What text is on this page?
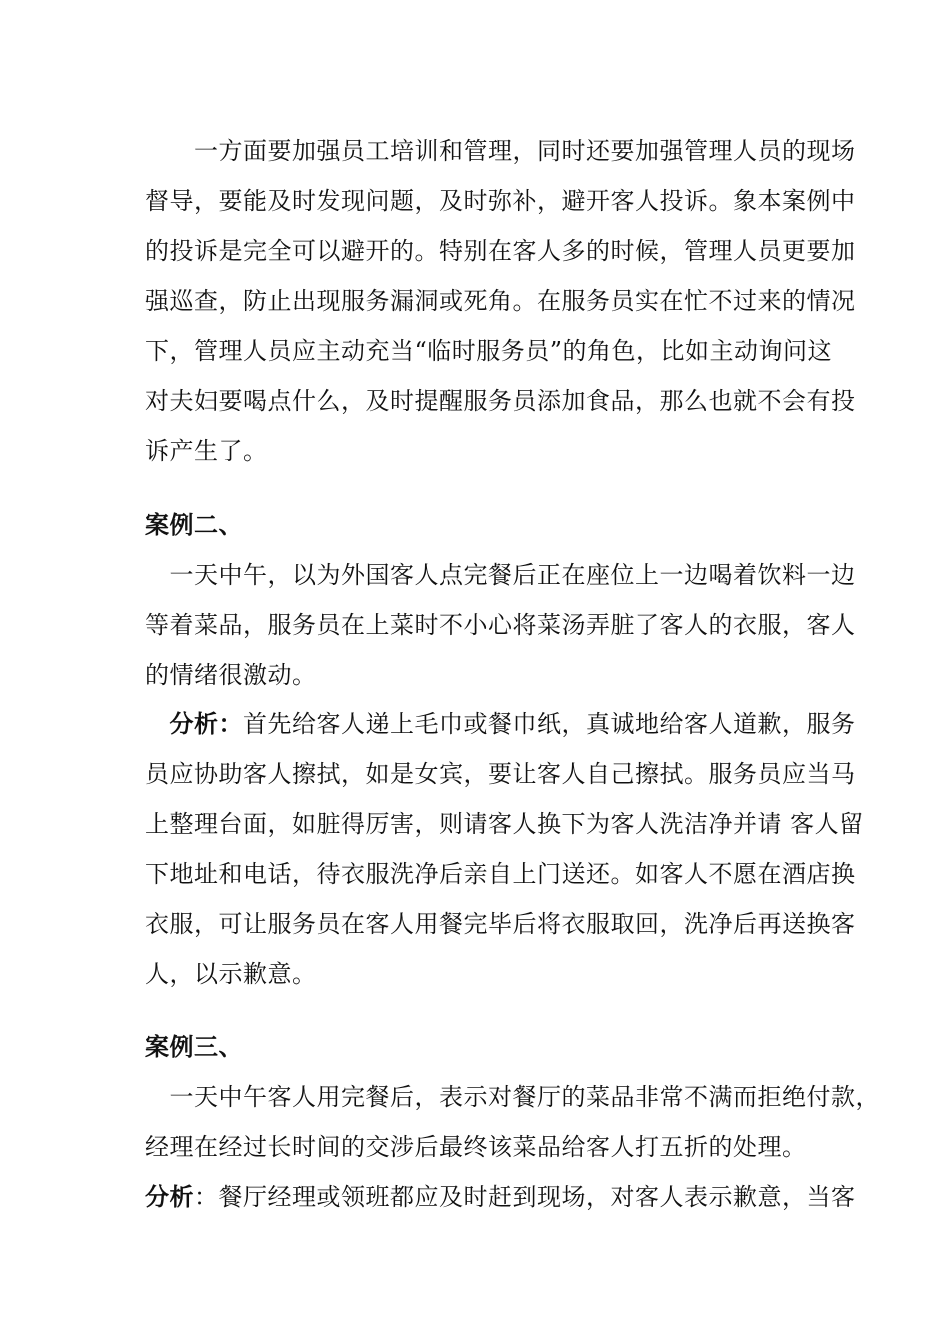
　　一方面要加强员工培训和管理，同时还要加强管理人员的现场
督导，要能及时发现问题，及时弥补，避开客人投诉。象本案例中
的投诉是完全可以避开的。特别在客人多的时候，管理人员更要加
强巡查，防止出现服务漏洞或死角。在服务员实在忙不过来的情况
下，管理人员应主动充当“临时服务员”的角色，比如主动询问这
对夫妇要喝点什么，及时提醒服务员添加食品，那么也就不会有投
诉产生了。
案例二、
　一天中午，以为外国客人点完餐后正在座位上一边喝着饮料一边
等着菜品，服务员在上菜时不小心将菜汤弄脏了客人的衣服，客人
的情绪很激动。
　分析：首先给客人递上毛巾或餐巾纸，真诚地给客人道歉，服务
员应协助客人擦拭，如是女宾，要让客人自己擦拭。服务员应当马
上整理台面，如脏得厉害，则请客人换下为客人洗洁净并请 客人留
下地址和电话，待衣服洗净后亲自上门送还。如客人不愿在酒店换
衣服，可让服务员在客人用餐完毕后将衣服取回，洗净后再送换客
人，以示歉意。
案例三、
　一天中午客人用完餐后，表示对餐厅的菜品非常不满而拒绝付款，
经理在经过长时间的交涉后最终该菜品给客人打五折的处理。
分析：餐厅经理或领班都应及时赶到现场，对客人表示歉意，当客
